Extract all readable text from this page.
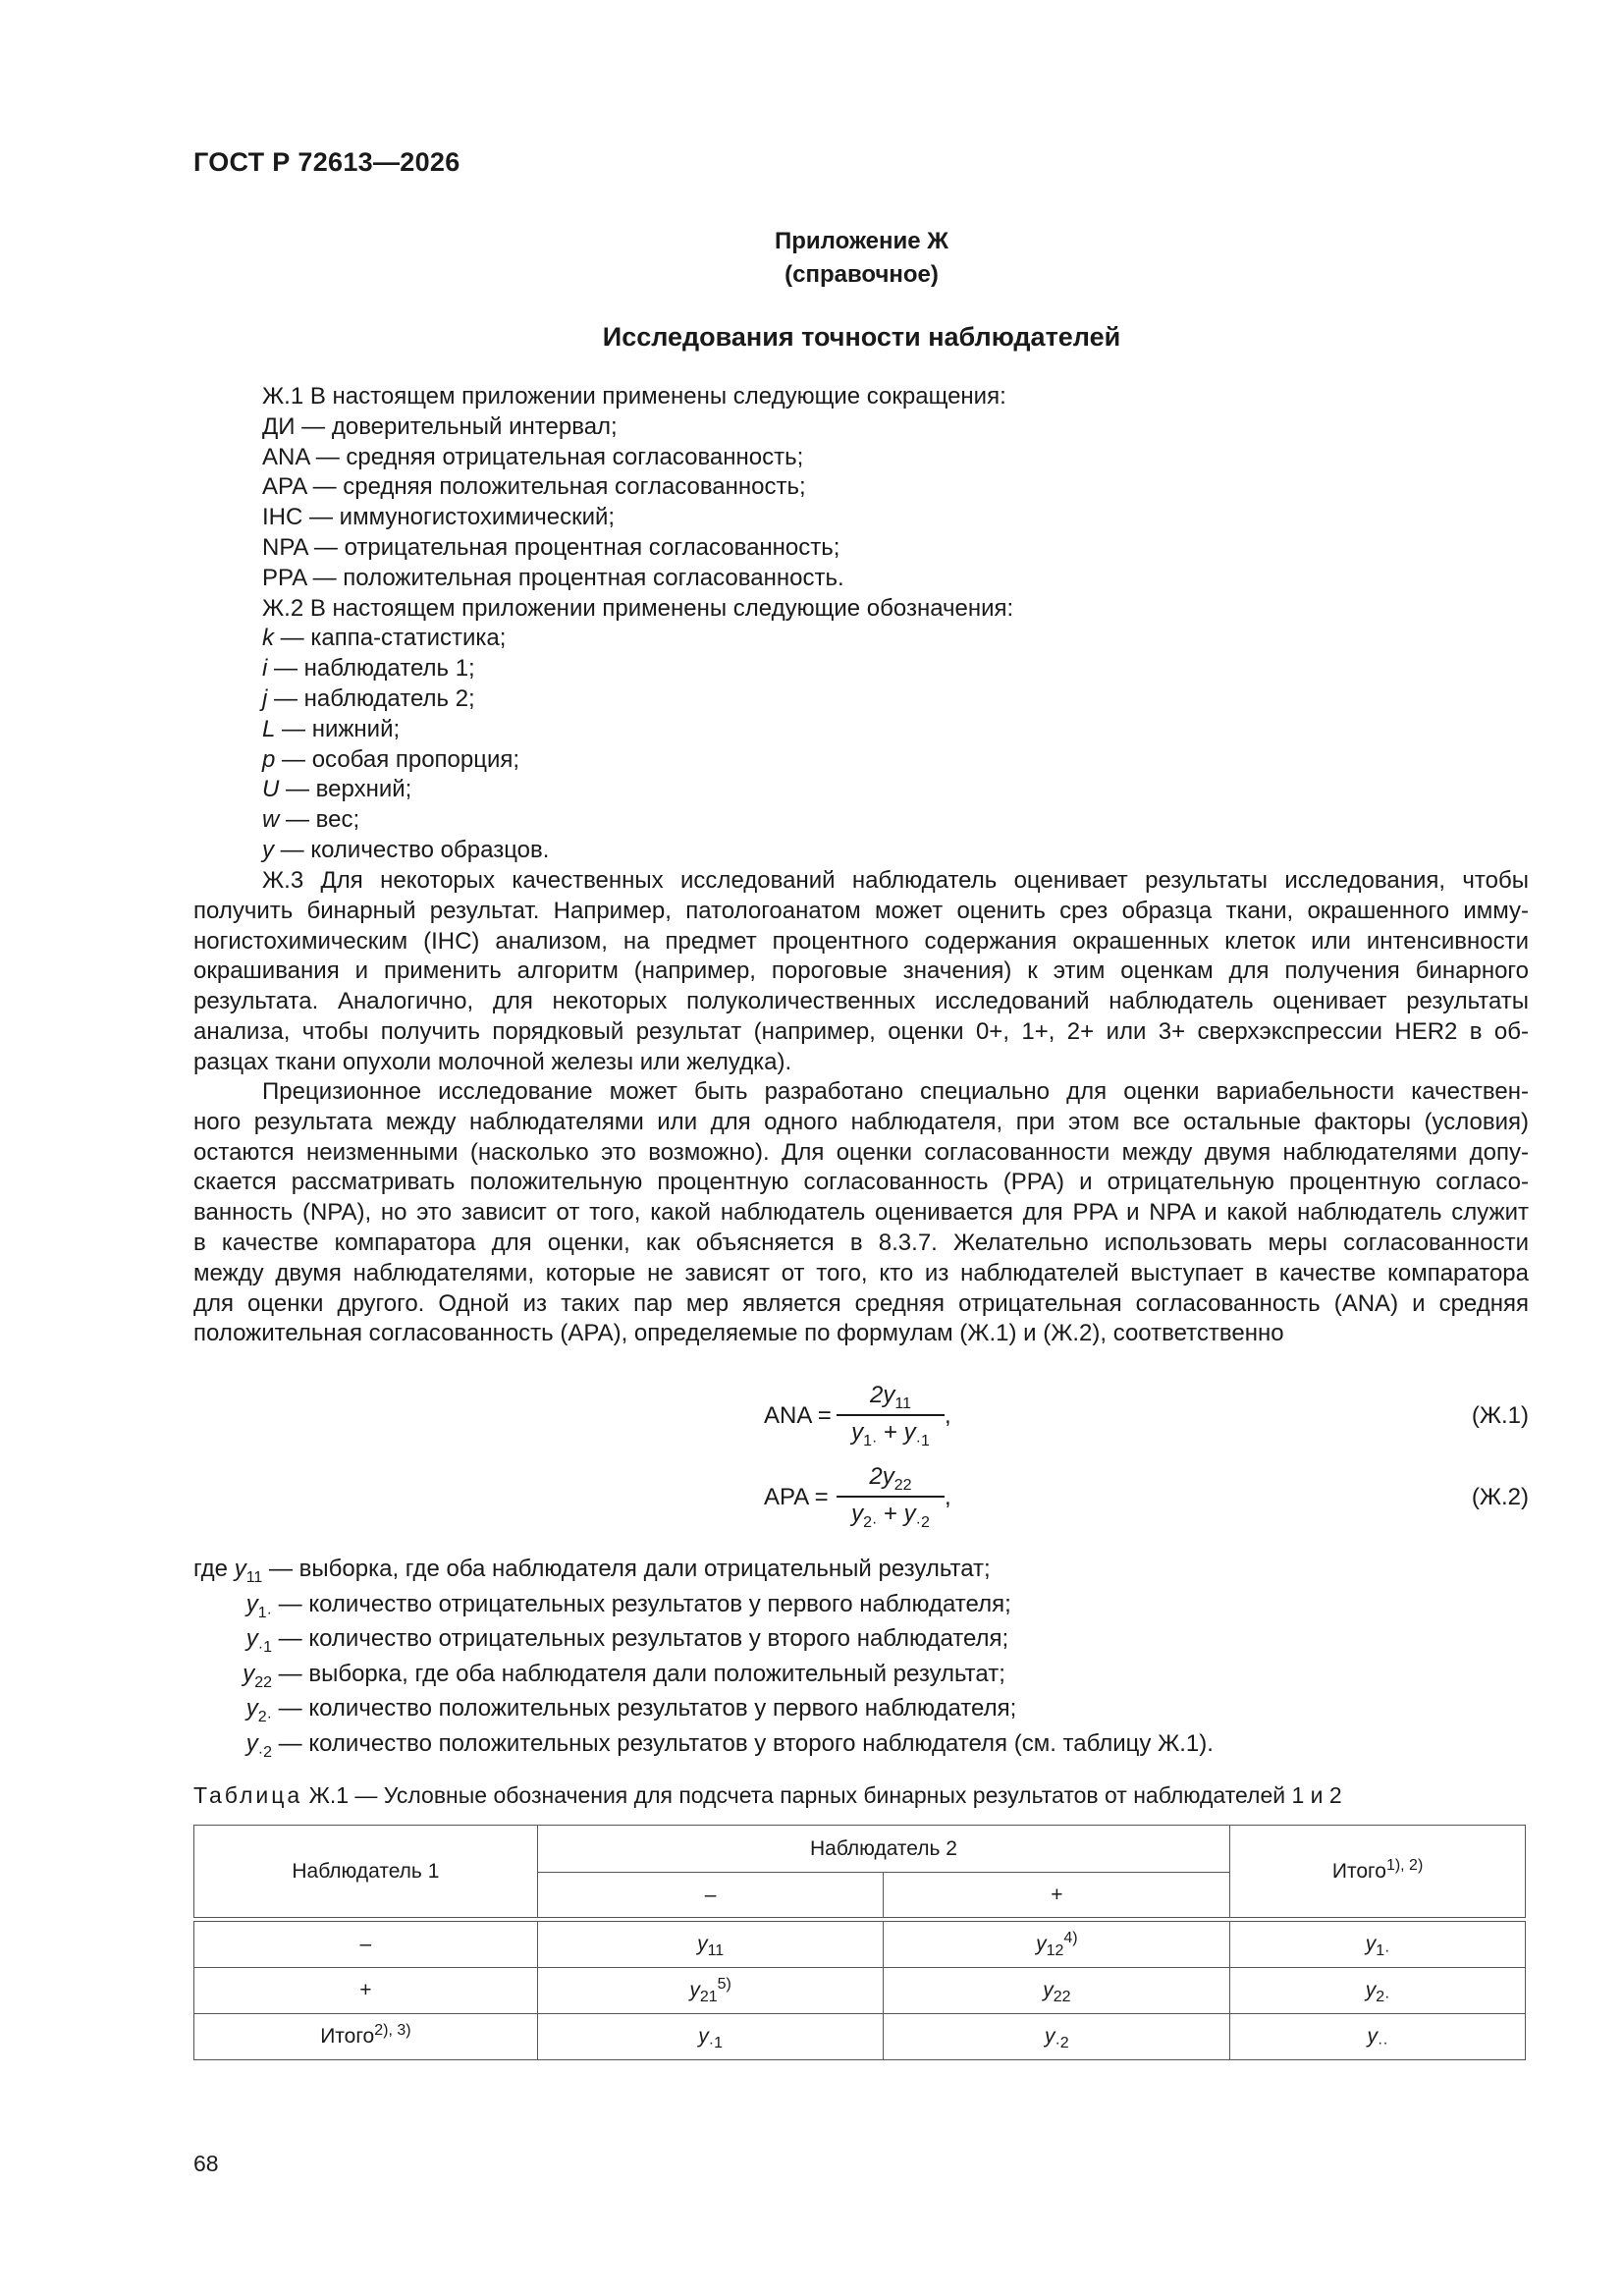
ГОСТ Р 72613—2026
Приложение Ж
(справочное)
Исследования точности наблюдателей
Ж.1 В настоящем приложении применены следующие сокращения:
ДИ — доверительный интервал;
ANA — средняя отрицательная согласованность;
APA — средняя положительная согласованность;
IHC — иммуногистохимический;
NPA — отрицательная процентная согласованность;
PPA — положительная процентная согласованность.
Ж.2 В настоящем приложении применены следующие обозначения:
k — каппа-статистика;
i — наблюдатель 1;
j — наблюдатель 2;
L — нижний;
p — особая пропорция;
U — верхний;
w — вес;
y — количество образцов.
Ж.3 Для некоторых качественных исследований наблюдатель оценивает результаты исследования, чтобы
получить бинарный результат. Например, патологоанатом может оценить срез образца ткани, окрашенного имму-
ногистохимическим (IHC) анализом, на предмет процентного содержания окрашенных клеток или интенсивности
окрашивания и применить алгоритм (например, пороговые значения) к этим оценкам для получения бинарного
результата. Аналогично, для некоторых полуколичественных исследований наблюдатель оценивает результаты
анализа, чтобы получить порядковый результат (например, оценки 0+, 1+, 2+ или 3+ сверхэкспрессии HER2 в об-
разцах ткани опухоли молочной железы или желудка).
Прецизионное исследование может быть разработано специально для оценки вариабельности качествен-
ного результата между наблюдателями или для одного наблюдателя, при этом все остальные факторы (условия)
остаются неизменными (насколько это возможно). Для оценки согласованности между двумя наблюдателями допу-
скается рассматривать положительную процентную согласованность (PPA) и отрицательную процентную согласо-
ванность (NPA), но это зависит от того, какой наблюдатель оценивается для PPA и NPA и какой наблюдатель служит
в качестве компаратора для оценки, как объясняется в 8.3.7. Желательно использовать меры согласованности
между двумя наблюдателями, которые не зависят от того, кто из наблюдателей выступает в качестве компаратора
для оценки другого. Одной из таких пар мер является средняя отрицательная согласованность (ANA) и средняя
положительная согласованность (APA), определяемые по формулам (Ж.1) и (Ж.2), соответственно
ANA =
$2y_{11}$
$y_{1\cdot} + y_{\cdot 1}$
,	(Ж.1)
APA =
$2y_{22}$
$y_{2\cdot} + y_{\cdot 2}$
,	(Ж.2)
где $y_{11}$ — выборка, где оба наблюдателя дали отрицательный результат;
$y_{1\cdot}$ — количество отрицательных результатов у первого наблюдателя;
$y_{\cdot 1}$ — количество отрицательных результатов у второго наблюдателя;
$y_{22}$ — выборка, где оба наблюдателя дали положительный результат;
$y_{2\cdot}$ — количество положительных результатов у первого наблюдателя;
$y_{\cdot 2}$ — количество положительных результатов у второго наблюдателя (см. таблицу Ж.1).
Таблица Ж.1 — Условные обозначения для подсчета парных бинарных результатов от наблюдателей 1 и 2
Наблюдатель 1	Наблюдатель 2		Итого$^{1), 2)}$
	–	+	

–	$y_{11}$	$y_{12}^{4)}$	$y_{1\cdot}$
+	$y_{21}^{5)}$	$y_{22}$	$y_{2\cdot}$
Итого$^{2), 3)}$	$y_{\cdot 1}$	$y_{\cdot 2}$	$y_{\cdot\cdot}$
68
